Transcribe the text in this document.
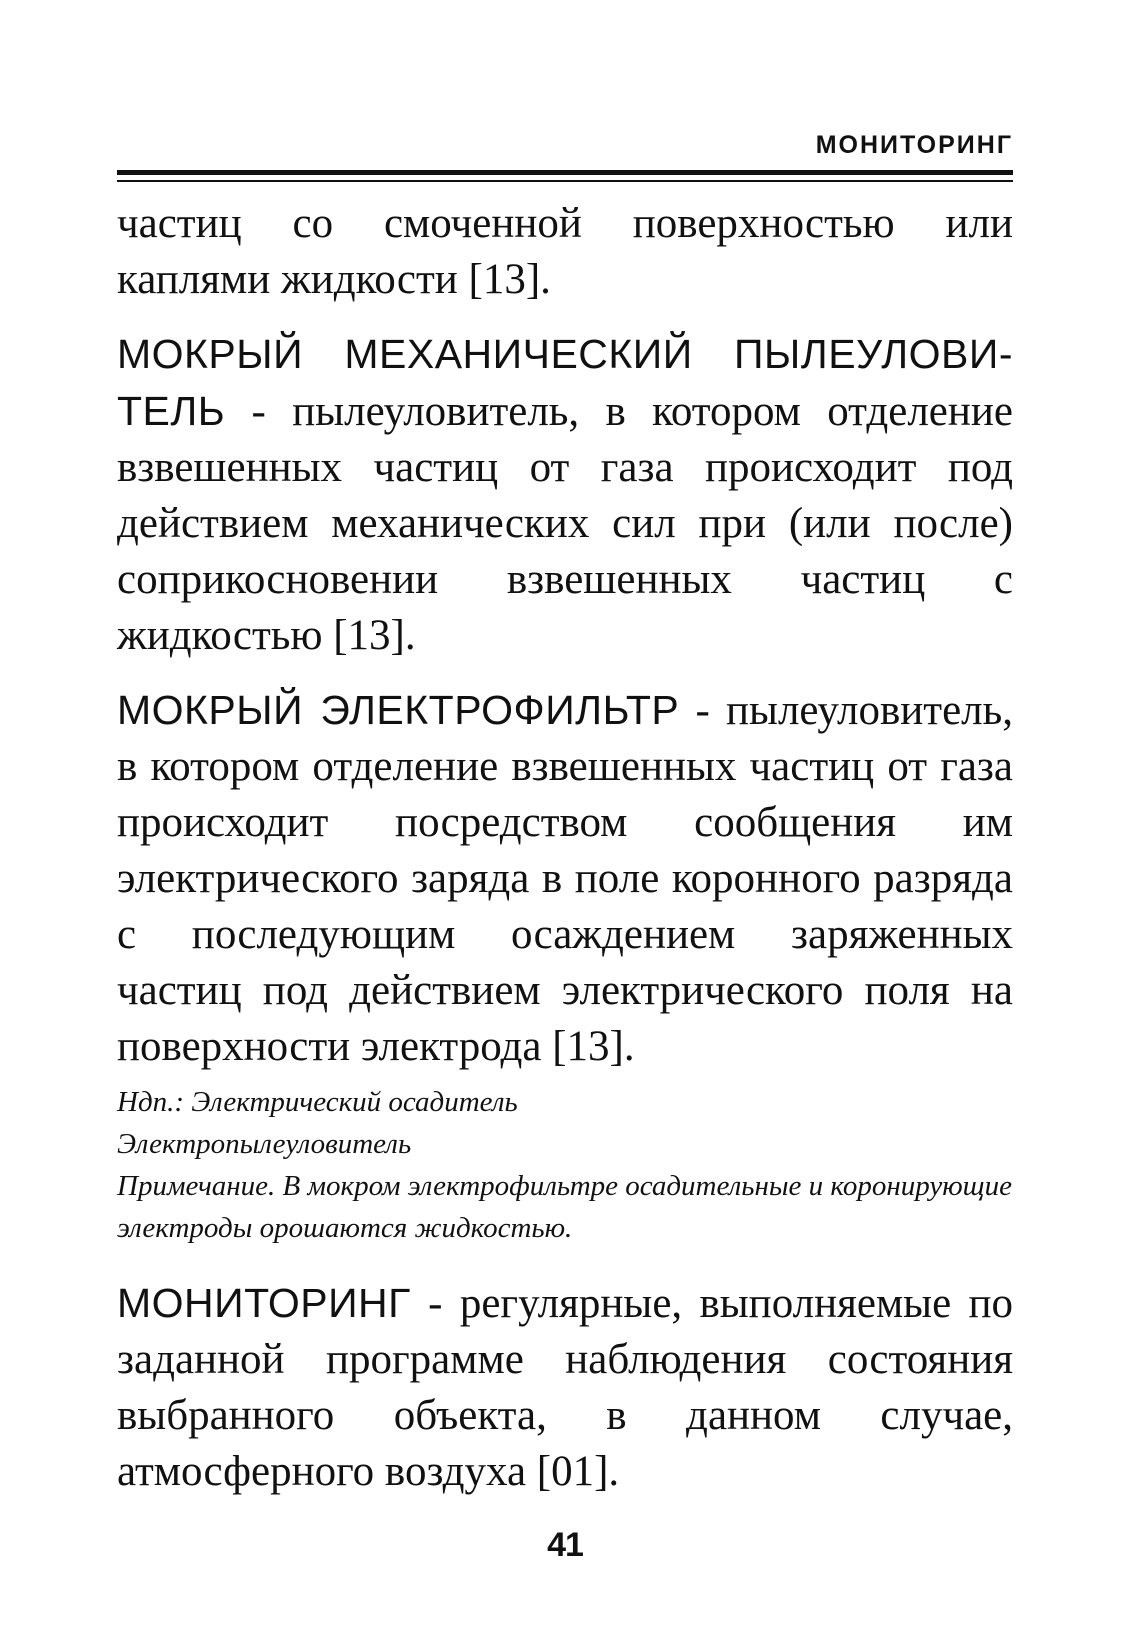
МОНИТОРИНГ

частиц со смоченной поверхностью или каплями жидкости [13].

МОКРЫЙ МЕХАНИЧЕСКИЙ ПЫЛЕУЛОВИ-ТЕЛЬ - пылеуловитель, в котором отделение взвешенных частиц от газа происходит под действием механических сил при (или после) соприкосновении взвешенных частиц с жидкостью [13].

МОКРЫЙ ЭЛЕКТРОФИЛЬТР - пылеуловитель, в котором отделение взвешенных частиц от газа происходит посредством сообщения им электрического заряда в поле коронного разряда с последующим осаждением заряженных частиц под действием электрического поля на поверхности электрода [13].

Ндп.: Электрический осадитель
Электропылеуловитель
Примечание. В мокром электрофильтре осадительные и коронирующие электроды орошаются жидкостью.

МОНИТОРИНГ - регулярные, выполняемые по заданной программе наблюдения состояния выбранного объекта, в данном случае, атмосферного воздуха [01].

41
